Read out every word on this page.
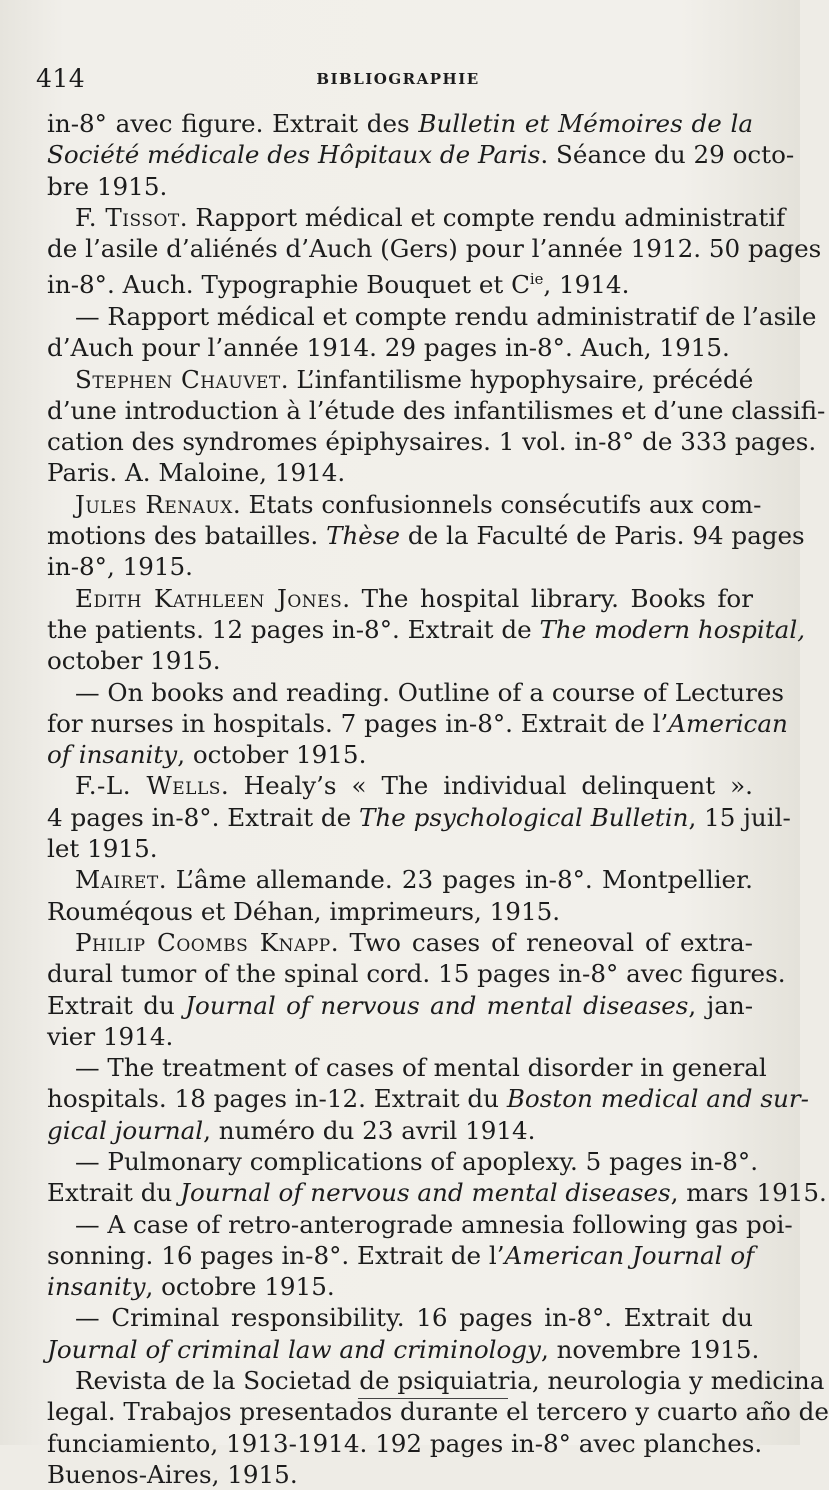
414	BIBLIOGRAPHIE
in-8° avec figure. Extrait des Bulletin et Mémoires de la
Société médicale des Hôpitaux de Paris. Séance du 29 octo-
bre 1915.
F. Tissot. Rapport médical et compte rendu administratif
de l’asile d’aliénés d’Auch (Gers) pour l’année 1912. 50 pages
in-8°. Auch. Typographie Bouquet et $C^{ie}$, 1914.
— Rapport médical et compte rendu administratif de l’asile
d’Auch pour l’année 1914. 29 pages in-8°. Auch, 1915.
Stephen Chauvet. L’infantilisme hypophysaire, précédé
d’une introduction à l’étude des infantilismes et d’une classifi-
cation des syndromes épiphysaires. 1 vol. in-8° de 333 pages.
Paris. A. Maloine, 1914.
Jules Renaux. Etats confusionnels consécutifs aux com-
motions des batailles. Thèse de la Faculté de Paris. 94 pages
in-8°, 1915.
Edith Kathleen Jones. The hospital library. Books for
the patients. 12 pages in-8°. Extrait de The modern hospital,
october 1915.
— On books and reading. Outline of a course of Lectures
for nurses in hospitals. 7 pages in-8°. Extrait de l’American
of insanity, october 1915.
F.-L. Wells. Healy’s « The individual delinquent ».
4 pages in-8°. Extrait de The psychological Bulletin, 15 juil-
let 1915.
Mairet. L’âme allemande. 23 pages in-8°. Montpellier.
Rouméqous et Déhan, imprimeurs, 1915.
Philip Coombs Knapp. Two cases of reneoval of extra-
dural tumor of the spinal cord. 15 pages in-8° avec figures.
Extrait du Journal of nervous and mental diseases, jan-
vier 1914.
— The treatment of cases of mental disorder in general
hospitals. 18 pages in-12. Extrait du Boston medical and sur-
gical journal, numéro du 23 avril 1914.
— Pulmonary complications of apoplexy. 5 pages in-8°.
Extrait du Journal of nervous and mental diseases, mars 1915.
— A case of retro-anterograde amnesia following gas poi-
sonning. 16 pages in-8°. Extrait de l’American Journal of
insanity, octobre 1915.
— Criminal responsibility. 16 pages in-8°. Extrait du
Journal of criminal law and criminology, novembre 1915.
Revista de la Societad de psiquiatria, neurologia y medicina
legal. Trabajos presentados durante el tercero y cuarto año de
funciamiento, 1913-1914. 192 pages in-8° avec planches.
Buenos-Aires, 1915.
